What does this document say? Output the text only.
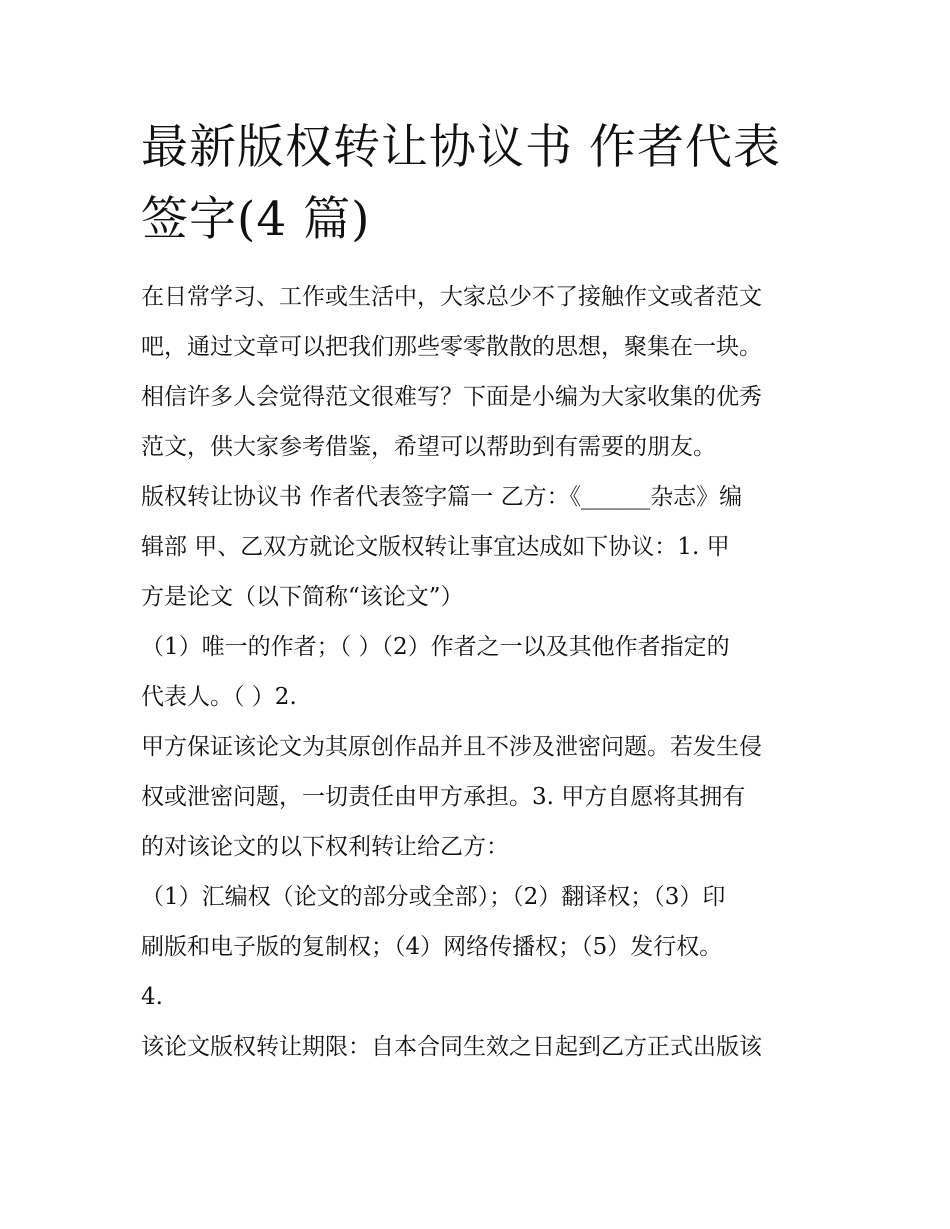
最新版权转让协议书 作者代表
签字(4 篇)
在日常学习、工作或生活中，大家总少不了接触作文或者范文
吧，通过文章可以把我们那些零零散散的思想，聚集在一块。
相信许多人会觉得范文很难写？下面是小编为大家收集的优秀
范文，供大家参考借鉴，希望可以帮助到有需要的朋友。
版权转让协议书 作者代表签字篇一 乙方：《______杂志》编
辑部 甲、乙双方就论文版权转让事宜达成如下协议：1. 甲
方是论文（以下简称“该论文”）
（1）唯一的作者；（ ）（2）作者之一以及其他作者指定的
代表人。（ ）2.
甲方保证该论文为其原创作品并且不涉及泄密问题。若发生侵
权或泄密问题，一切责任由甲方承担。3. 甲方自愿将其拥有
的对该论文的以下权利转让给乙方：
（1）汇编权（论文的部分或全部）；（2）翻译权；（3）印
刷版和电子版的复制权；（4）网络传播权；（5）发行权。
4.
该论文版权转让期限：自本合同生效之日起到乙方正式出版该
